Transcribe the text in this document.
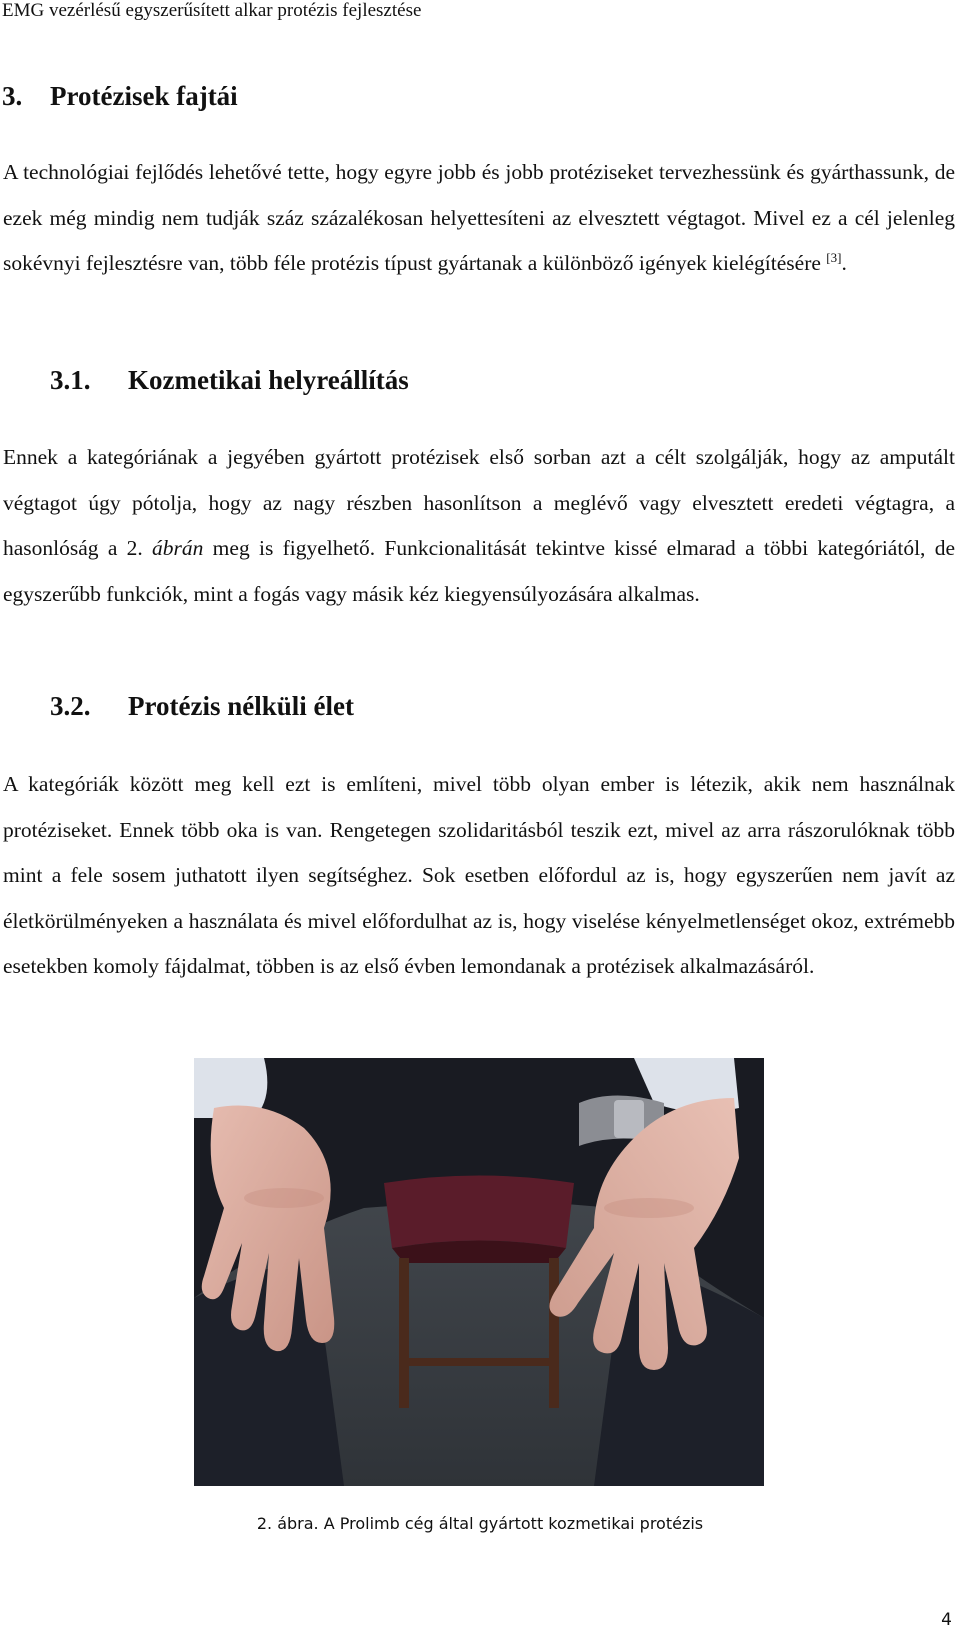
EMG vezérlésű egyszerűsített alkar protézis fejlesztése
3. Protézisek fajtái

A technológiai fejlődés lehetővé tette, hogy egyre jobb és jobb protéziseket tervezhessünk és gyárthassunk, de ezek még mindig nem tudják száz százalékosan helyettesíteni az elvesztett végtagot. Mivel ez a cél jelenleg sokévnyi fejlesztésre van, több féle protézis típust gyártanak a különböző igények kielégítésére [3].

3.1. Kozmetikai helyreállítás

Ennek a kategóriának a jegyében gyártott protézisek első sorban azt a célt szolgálják, hogy az amputált végtagot úgy pótolja, hogy az nagy részben hasonlítson a meglévő vagy elvesztett eredeti végtagra, a hasonlóság a 2. ábrán meg is figyelhető. Funkcionalitását tekintve kissé elmarad a többi kategóriától, de egyszerűbb funkciók, mint a fogás vagy másik kéz kiegyensúlyozására alkalmas.

3.2. Protézis nélküli élet

A kategóriák között meg kell ezt is említeni, mivel több olyan ember is létezik, akik nem használnak protéziseket. Ennek több oka is van. Rengetegen szolidaritásból teszik ezt, mivel az arra rászorulóknak több mint a fele sosem juthatott ilyen segítséghez. Sok esetben előfordul az is, hogy egyszerűen nem javít az életkörülményeken a használata és mivel előfordulhat az is, hogy viselése kényelmetlenséget okoz, extrémebb esetekben komoly fájdalmat, többen is az első évben lemondanak a protézisek alkalmazásáról.

2. ábra. A Prolimb cég által gyártott kozmetikai protézis
4
